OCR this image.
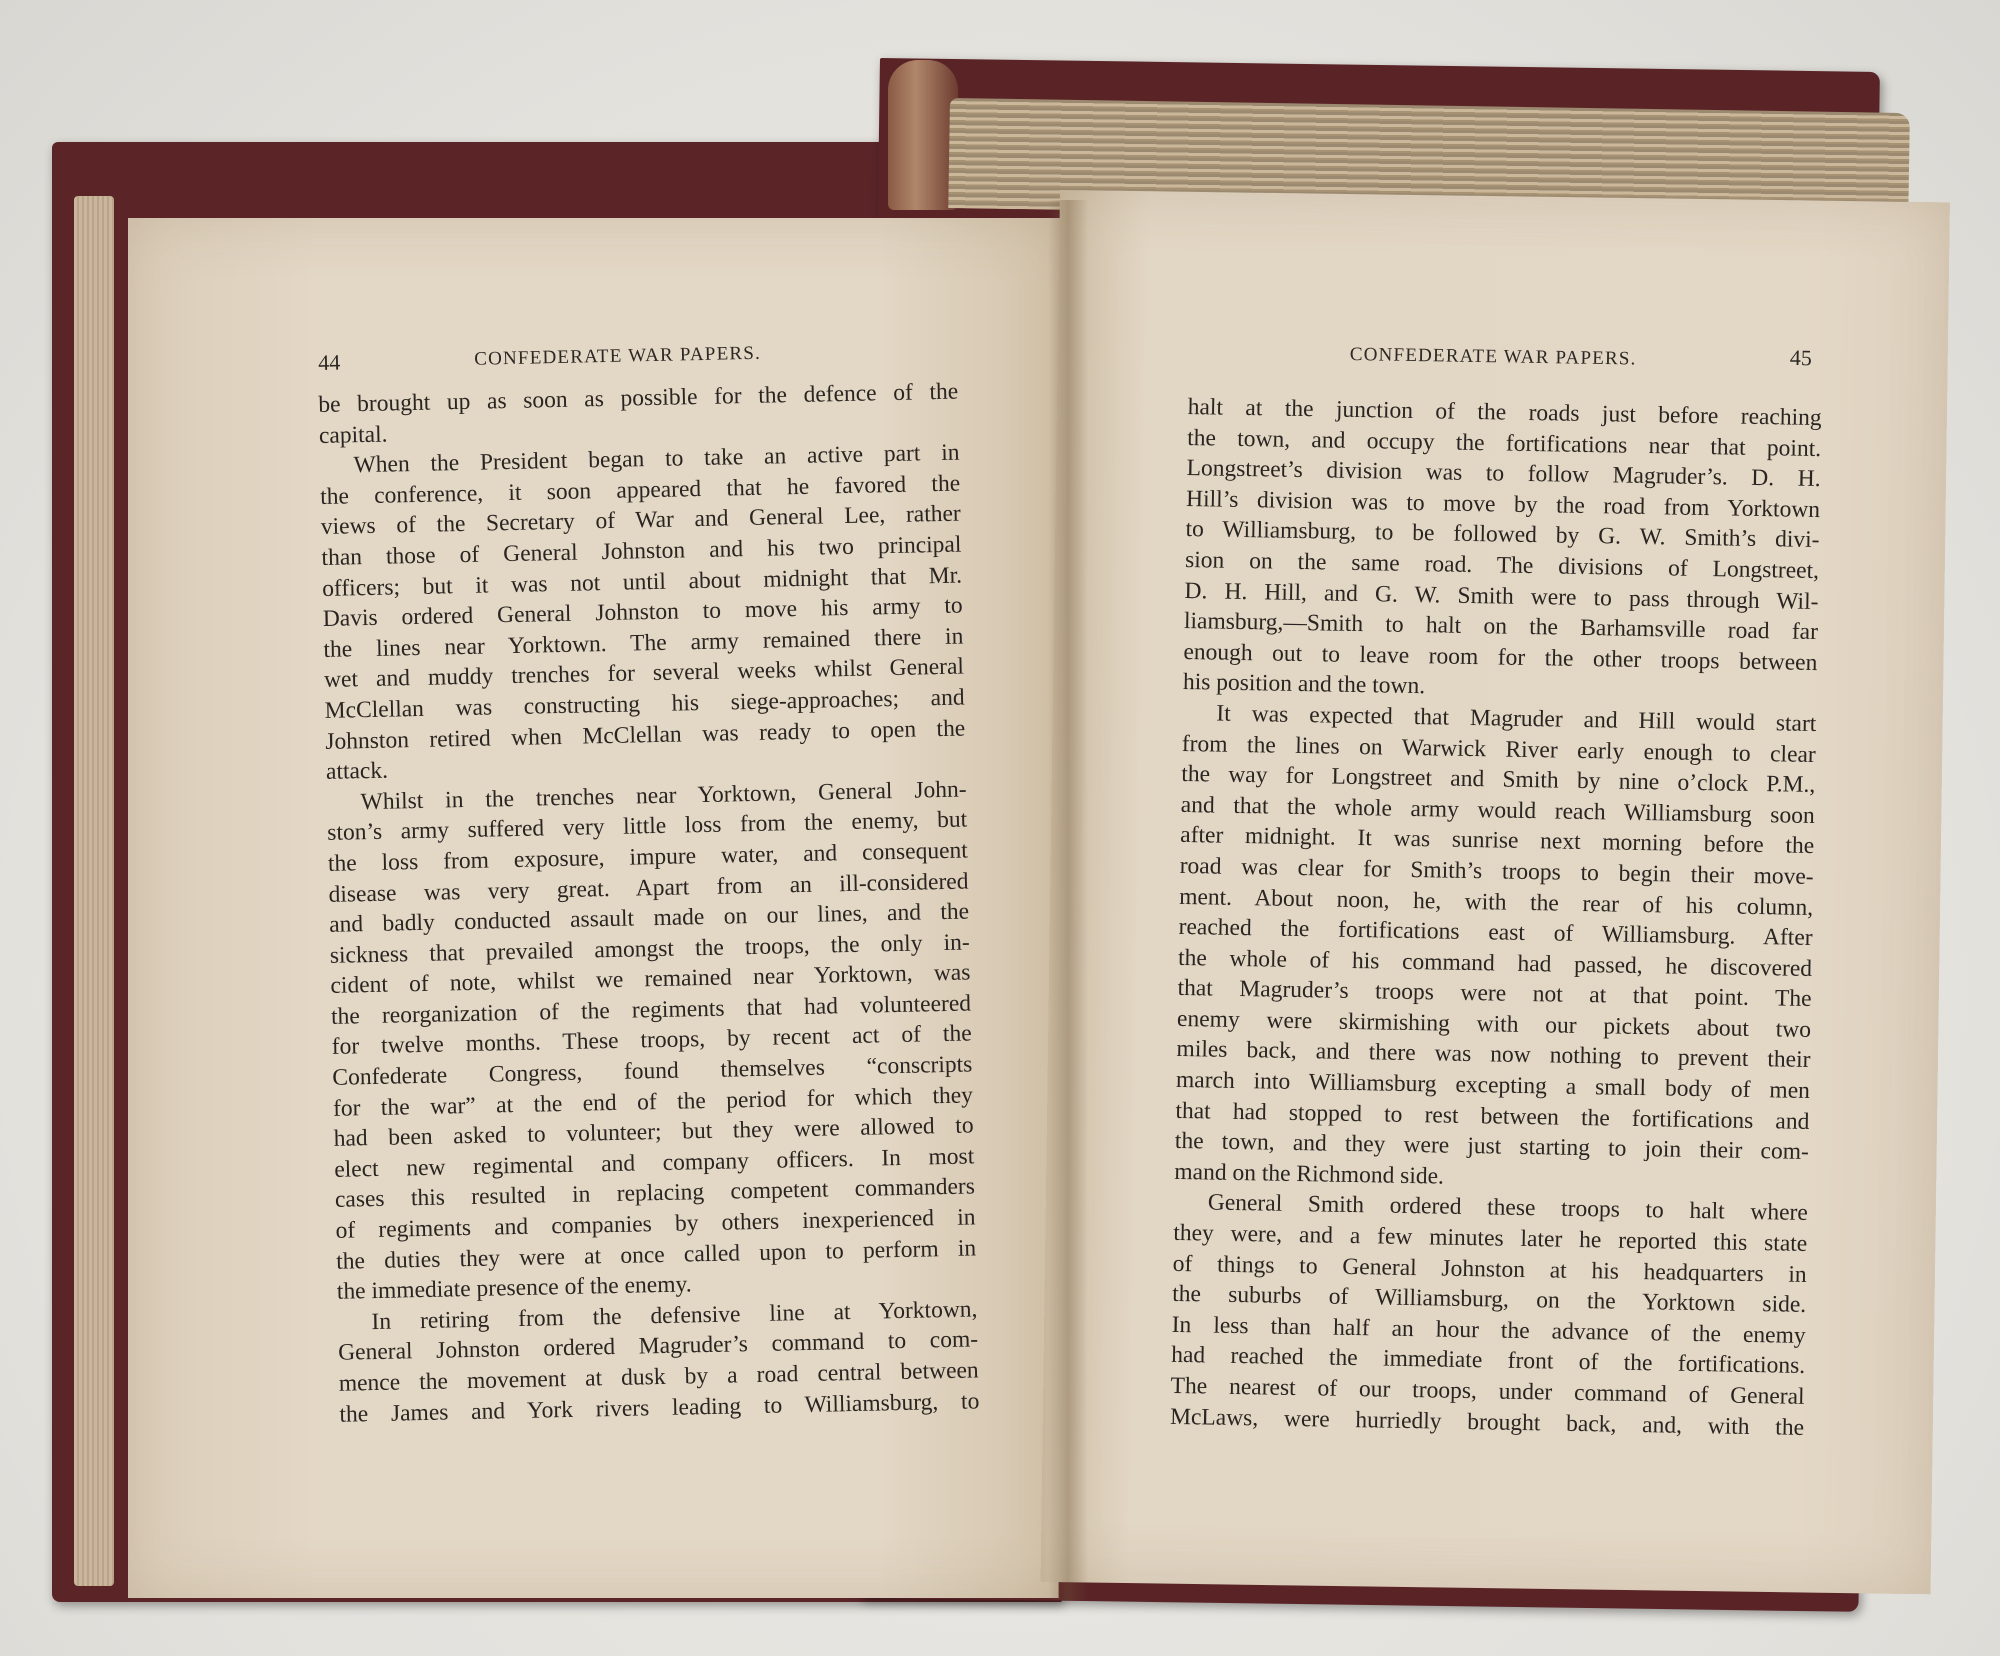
44	CONFEDERATE WAR PAPERS.
be brought up as soon as possible for the defence of the
capital.
When the President began to take an active part in
the conference, it soon appeared that he favored the
views of the Secretary of War and General Lee, rather
than those of General Johnston and his two principal
officers; but it was not until about midnight that Mr.
Davis ordered General Johnston to move his army to
the lines near Yorktown. The army remained there in
wet and muddy trenches for several weeks whilst General
McClellan was constructing his siege-approaches; and
Johnston retired when McClellan was ready to open the
attack.
Whilst in the trenches near Yorktown, General John-
ston’s army suffered very little loss from the enemy, but
the loss from exposure, impure water, and consequent
disease was very great. Apart from an ill-considered
and badly conducted assault made on our lines, and the
sickness that prevailed amongst the troops, the only in-
cident of note, whilst we remained near Yorktown, was
the reorganization of the regiments that had volunteered
for twelve months. These troops, by recent act of the
Confederate Congress, found themselves “conscripts
for the war” at the end of the period for which they
had been asked to volunteer; but they were allowed to
elect new regimental and company officers. In most
cases this resulted in replacing competent commanders
of regiments and companies by others inexperienced in
the duties they were at once called upon to perform in
the immediate presence of the enemy.
In retiring from the defensive line at Yorktown,
General Johnston ordered Magruder’s command to com-
mence the movement at dusk by a road central between
the James and York rivers leading to Williamsburg, to
CONFEDERATE WAR PAPERS.	45
halt at the junction of the roads just before reaching
the town, and occupy the fortifications near that point.
Longstreet’s division was to follow Magruder’s. D. H.
Hill’s division was to move by the road from Yorktown
to Williamsburg, to be followed by G. W. Smith’s divi-
sion on the same road. The divisions of Longstreet,
D. H. Hill, and G. W. Smith were to pass through Wil-
liamsburg,—Smith to halt on the Barhamsville road far
enough out to leave room for the other troops between
his position and the town.
It was expected that Magruder and Hill would start
from the lines on Warwick River early enough to clear
the way for Longstreet and Smith by nine o’clock P.M.,
and that the whole army would reach Williamsburg soon
after midnight. It was sunrise next morning before the
road was clear for Smith’s troops to begin their move-
ment. About noon, he, with the rear of his column,
reached the fortifications east of Williamsburg. After
the whole of his command had passed, he discovered
that Magruder’s troops were not at that point. The
enemy were skirmishing with our pickets about two
miles back, and there was now nothing to prevent their
march into Williamsburg excepting a small body of men
that had stopped to rest between the fortifications and
the town, and they were just starting to join their com-
mand on the Richmond side.
General Smith ordered these troops to halt where
they were, and a few minutes later he reported this state
of things to General Johnston at his headquarters in
the suburbs of Williamsburg, on the Yorktown side.
In less than half an hour the advance of the enemy
had reached the immediate front of the fortifications.
The nearest of our troops, under command of General
McLaws, were hurriedly brought back, and, with the
